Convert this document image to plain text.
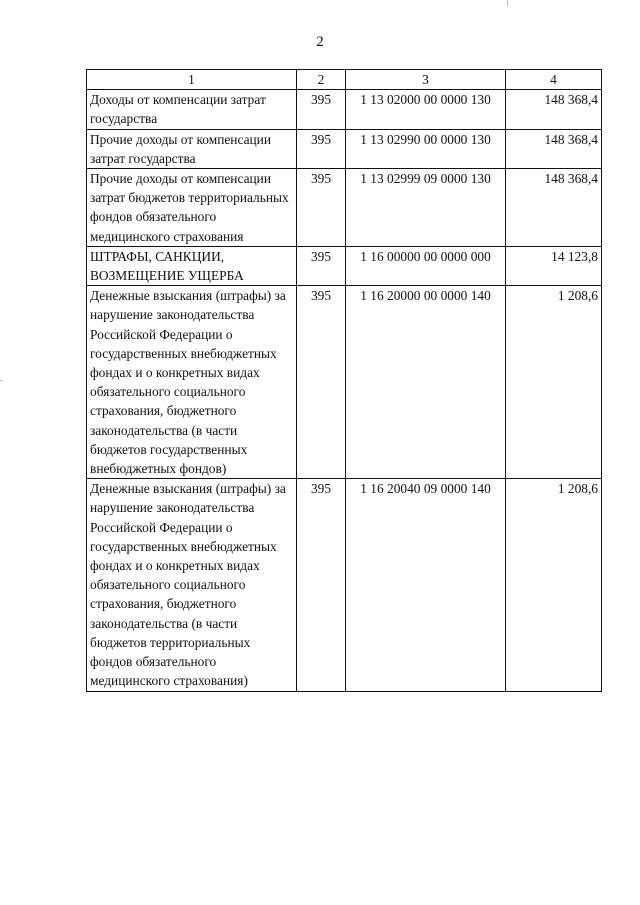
2
1	2	3	4
Доходы от компенсации затрат государства	395	1 13 02000 00 0000 130	148 368,4
Прочие доходы от компенсации затрат государства	395	1 13 02990 00 0000 130	148 368,4
Прочие доходы от компенсации затрат бюджетов территориальных фондов обязательного медицинского страхования	395	1 13 02999 09 0000 130	148 368,4
ШТРАФЫ, САНКЦИИ, ВОЗМЕЩЕНИЕ УЩЕРБА	395	1 16 00000 00 0000 000	14 123,8
Денежные взыскания (штрафы) за нарушение законодательства Российской Федерации о государственных внебюджетных фондах и о конкретных видах обязательного социального страхования, бюджетного законодательства (в части бюджетов государственных внебюджетных фондов)	395	1 16 20000 00 0000 140	1 208,6
Денежные взыскания (штрафы) за нарушение законодательства Российской Федерации о государственных внебюджетных фондах и о конкретных видах обязательного социального страхования, бюджетного законодательства (в части бюджетов территориальных фондов обязательного медицинского страхования)	395	1 16 20040 09 0000 140	1 208,6
